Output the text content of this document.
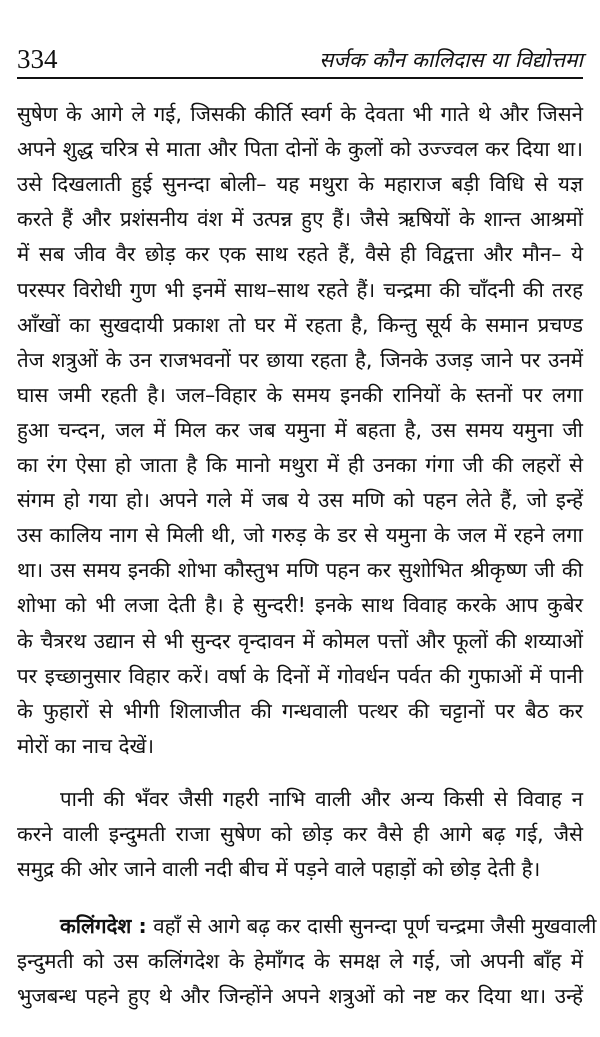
334	सर्जक कौन कालिदास या विद्योत्तमा
सुषेण के आगे ले गई, जिसकी कीर्ति स्वर्ग के देवता भी गाते थे और जिसने
अपने शुद्ध चरित्र से माता और पिता दोनों के कुलों को उज्ज्वल कर दिया था।
उसे दिखलाती हुई सुनन्दा बोली– यह मथुरा के महाराज बड़ी विधि से यज्ञ
करते हैं और प्रशंसनीय वंश में उत्पन्न हुए हैं। जैसे ऋषियों के शान्त आश्रमों
में सब जीव वैर छोड़ कर एक साथ रहते हैं, वैसे ही विद्वत्ता और मौन– ये
परस्पर विरोधी गुण भी इनमें साथ–साथ रहते हैं। चन्द्रमा की चाँदनी की तरह
आँखों का सुखदायी प्रकाश तो घर में रहता है, किन्तु सूर्य के समान प्रचण्ड
तेज शत्रुओं के उन राजभवनों पर छाया रहता है, जिनके उजड़ जाने पर उनमें
घास जमी रहती है। जल–विहार के समय इनकी रानियों के स्तनों पर लगा
हुआ चन्दन, जल में मिल कर जब यमुना में बहता है, उस समय यमुना जी
का रंग ऐसा हो जाता है कि मानो मथुरा में ही उनका गंगा जी की लहरों से
संगम हो गया हो। अपने गले में जब ये उस मणि को पहन लेते हैं, जो इन्हें
उस कालिय नाग से मिली थी, जो गरुड़ के डर से यमुना के जल में रहने लगा
था। उस समय इनकी शोभा कौस्तुभ मणि पहन कर सुशोभित श्रीकृष्ण जी की
शोभा को भी लजा देती है। हे सुन्दरी! इनके साथ विवाह करके आप कुबेर
के चैत्ररथ उद्यान से भी सुन्दर वृन्दावन में कोमल पत्तों और फूलों की शय्याओं
पर इच्छानुसार विहार करें। वर्षा के दिनों में गोवर्धन पर्वत की गुफाओं में पानी
के फुहारों से भीगी शिलाजीत की गन्धवाली पत्थर की चट्टानों पर बैठ कर
मोरों का नाच देखें।
पानी की भँवर जैसी गहरी नाभि वाली और अन्य किसी से विवाह न
करने वाली इन्दुमती राजा सुषेण को छोड़ कर वैसे ही आगे बढ़ गई, जैसे
समुद्र की ओर जाने वाली नदी बीच में पड़ने वाले पहाड़ों को छोड़ देती है।
कलिंगदेश : वहाँ से आगे बढ़ कर दासी सुनन्दा पूर्ण चन्द्रमा जैसी मुखवाली
इन्दुमती को उस कलिंगदेश के हेमाँगद के समक्ष ले गई, जो अपनी बाँह में
भुजबन्ध पहने हुए थे और जिन्होंने अपने शत्रुओं को नष्ट कर दिया था। उन्हें
